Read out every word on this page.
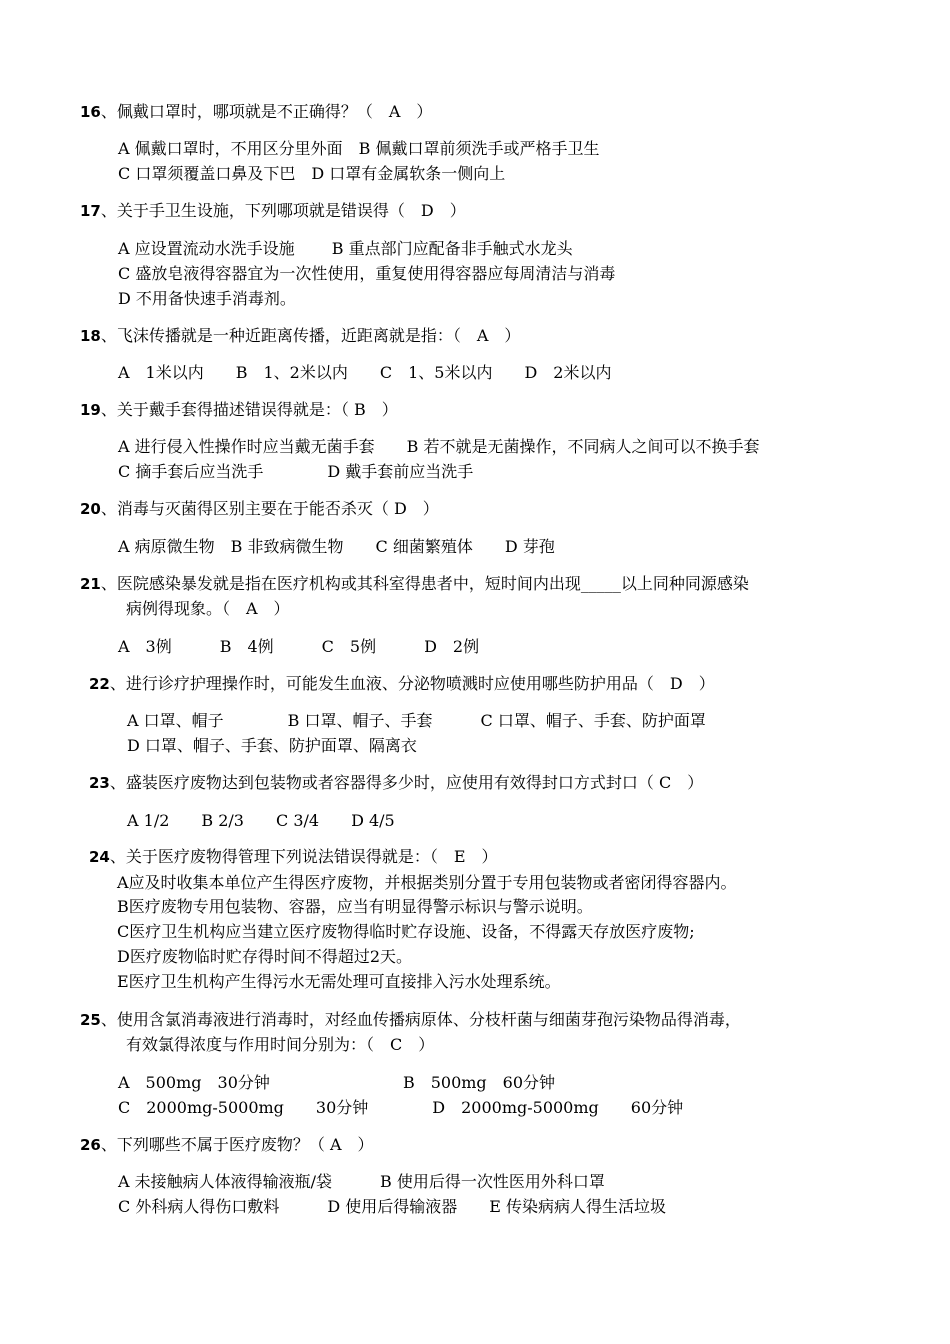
16、佩戴口罩时，哪项就是不正确得？（　A　）
A 佩戴口罩时，不用区分里外面　B 佩戴口罩前须洗手或严格手卫生
C 口罩须覆盖口鼻及下巴　D 口罩有金属软条一侧向上
17、关于手卫生设施，下列哪项就是错误得（　D　）
A 应设置流动水洗手设施　　 B 重点部门应配备非手触式水龙头
C 盛放皂液得容器宜为一次性使用，重复使用得容器应每周清洁与消毒
D 不用备快速手消毒剂。
18、飞沫传播就是一种近距离传播，近距离就是指：（　A　）
A　1米以内　　B　1、2米以内　　C　1、5米以内　　D　2米以内
19、关于戴手套得描述错误得就是：（ B　）
A 进行侵入性操作时应当戴无菌手套　　B 若不就是无菌操作，不同病人之间可以不换手套
C 摘手套后应当洗手　　　　D 戴手套前应当洗手
20、消毒与灭菌得区别主要在于能否杀灭（ D　）
A 病原微生物　B 非致病微生物　　C 细菌繁殖体　　D 芽孢
21、医院感染暴发就是指在医疗机构或其科室得患者中，短时间内出现_____以上同种同源感染
病例得现象。（　A　）
A　3例　　　B　4例　　　C　5例　　　D　2例
22、进行诊疗护理操作时，可能发生血液、分泌物喷溅时应使用哪些防护用品（　D　）
A 口罩、帽子　　　　B 口罩、帽子、手套　　　C 口罩、帽子、手套、防护面罩
D 口罩、帽子、手套、防护面罩、隔离衣
23、盛装医疗废物达到包装物或者容器得多少时，应使用有效得封口方式封口（ C　）
A 1/2　　B 2/3　　C 3/4　　D 4/5
24、关于医疗废物得管理下列说法错误得就是：（　E　）
A应及时收集本单位产生得医疗废物，并根据类别分置于专用包装物或者密闭得容器内。
B医疗废物专用包装物、容器，应当有明显得警示标识与警示说明。
C医疗卫生机构应当建立医疗废物得临时贮存设施、设备，不得露天存放医疗废物;
D医疗废物临时贮存得时间不得超过2天。
E医疗卫生机构产生得污水无需处理可直接排入污水处理系统。
25、使用含氯消毒液进行消毒时，对经血传播病原体、分枝杆菌与细菌芽孢污染物品得消毒，
有效氯得浓度与作用时间分别为：（　C　）
A　500mg　30分钟　　　　　　　　 B　500mg　60分钟
C　2000mg-5000mg　　30分钟　　　　D　2000mg-5000mg　　60分钟
26、下列哪些不属于医疗废物？（ A　）
A 未接触病人体液得输液瓶/袋　　　B 使用后得一次性医用外科口罩
C 外科病人得伤口敷料　　　D 使用后得输液器　　E 传染病病人得生活垃圾
